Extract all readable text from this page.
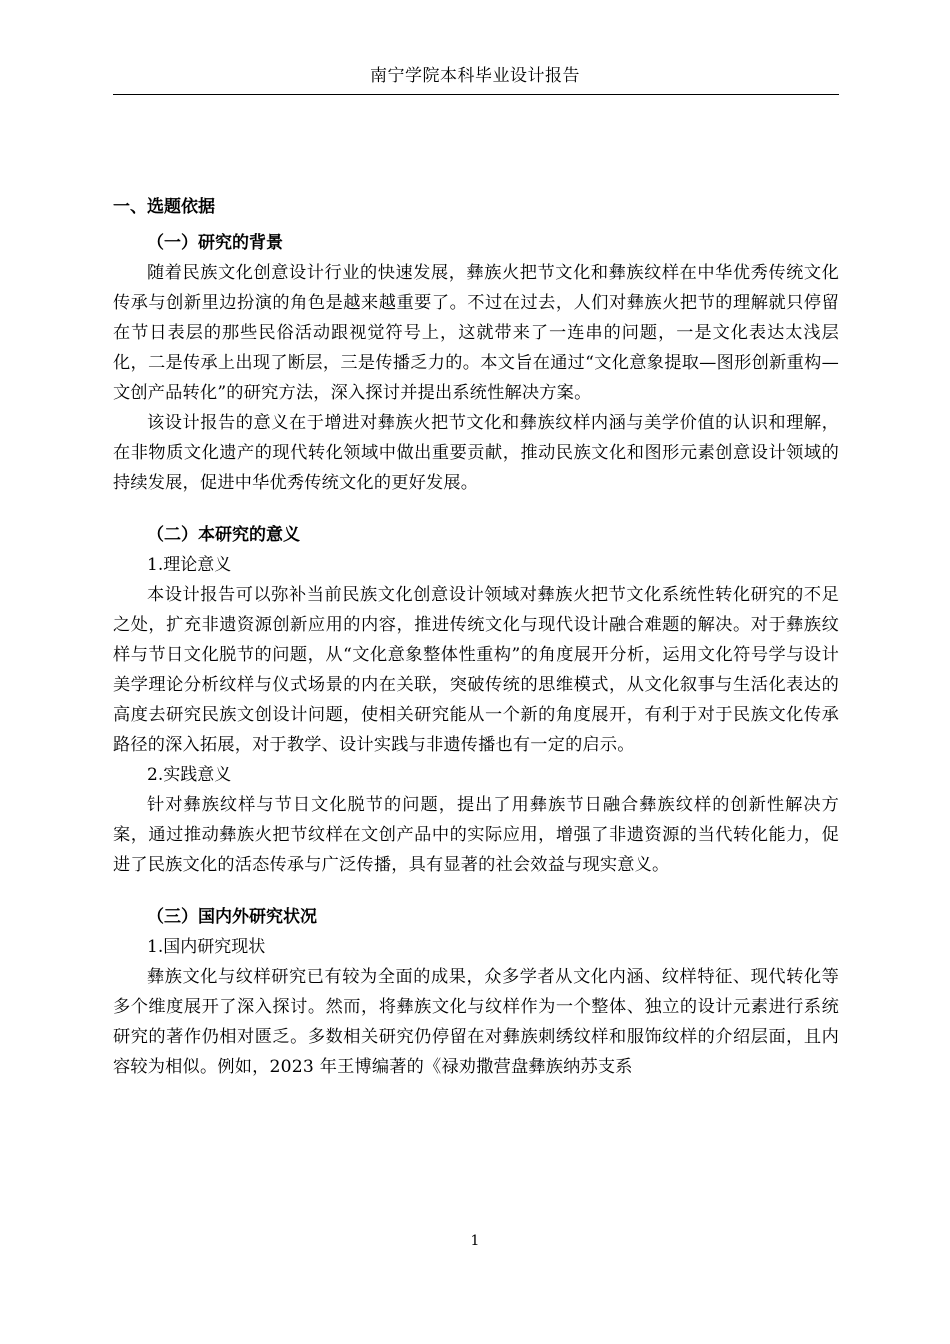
南宁学院本科毕业设计报告

一、选题依据

（一）研究的背景

随着民族文化创意设计行业的快速发展，彝族火把节文化和彝族纹样在中华优秀传统文化传承与创新里边扮演的角色是越来越重要了。不过在过去，人们对彝族火把节的理解就只停留在节日表层的那些民俗活动跟视觉符号上，这就带来了一连串的问题，一是文化表达太浅层化，二是传承上出现了断层，三是传播乏力的。本文旨在通过“文化意象提取—图形创新重构—文创产品转化”的研究方法，深入探讨并提出系统性解决方案。

该设计报告的意义在于增进对彝族火把节文化和彝族纹样内涵与美学价值的认识和理解，在非物质文化遗产的现代转化领域中做出重要贡献，推动民族文化和图形元素创意设计领域的持续发展，促进中华优秀传统文化的更好发展。

（二）本研究的意义

1.理论意义

本设计报告可以弥补当前民族文化创意设计领域对彝族火把节文化系统性转化研究的不足之处，扩充非遗资源创新应用的内容，推进传统文化与现代设计融合难题的解决。对于彝族纹样与节日文化脱节的问题，从“文化意象整体性重构”的角度展开分析，运用文化符号学与设计美学理论分析纹样与仪式场景的内在关联，突破传统的思维模式，从文化叙事与生活化表达的高度去研究民族文创设计问题，使相关研究能从一个新的角度展开，有利于对于民族文化传承路径的深入拓展，对于教学、设计实践与非遗传播也有一定的启示。

2.实践意义

针对彝族纹样与节日文化脱节的问题，提出了用彝族节日融合彝族纹样的创新性解决方案，通过推动彝族火把节纹样在文创产品中的实际应用，增强了非遗资源的当代转化能力，促进了民族文化的活态传承与广泛传播，具有显著的社会效益与现实意义。

（三）国内外研究状况

1.国内研究现状

彝族文化与纹样研究已有较为全面的成果，众多学者从文化内涵、纹样特征、现代转化等多个维度展开了深入探讨。然而，将彝族文化与纹样作为一个整体、独立的设计元素进行系统研究的著作仍相对匮乏。多数相关研究仍停留在对彝族刺绣纹样和服饰纹样的介绍层面，且内容较为相似。例如，2023 年王博编著的《禄劝撒营盘彝族纳苏支系

1
